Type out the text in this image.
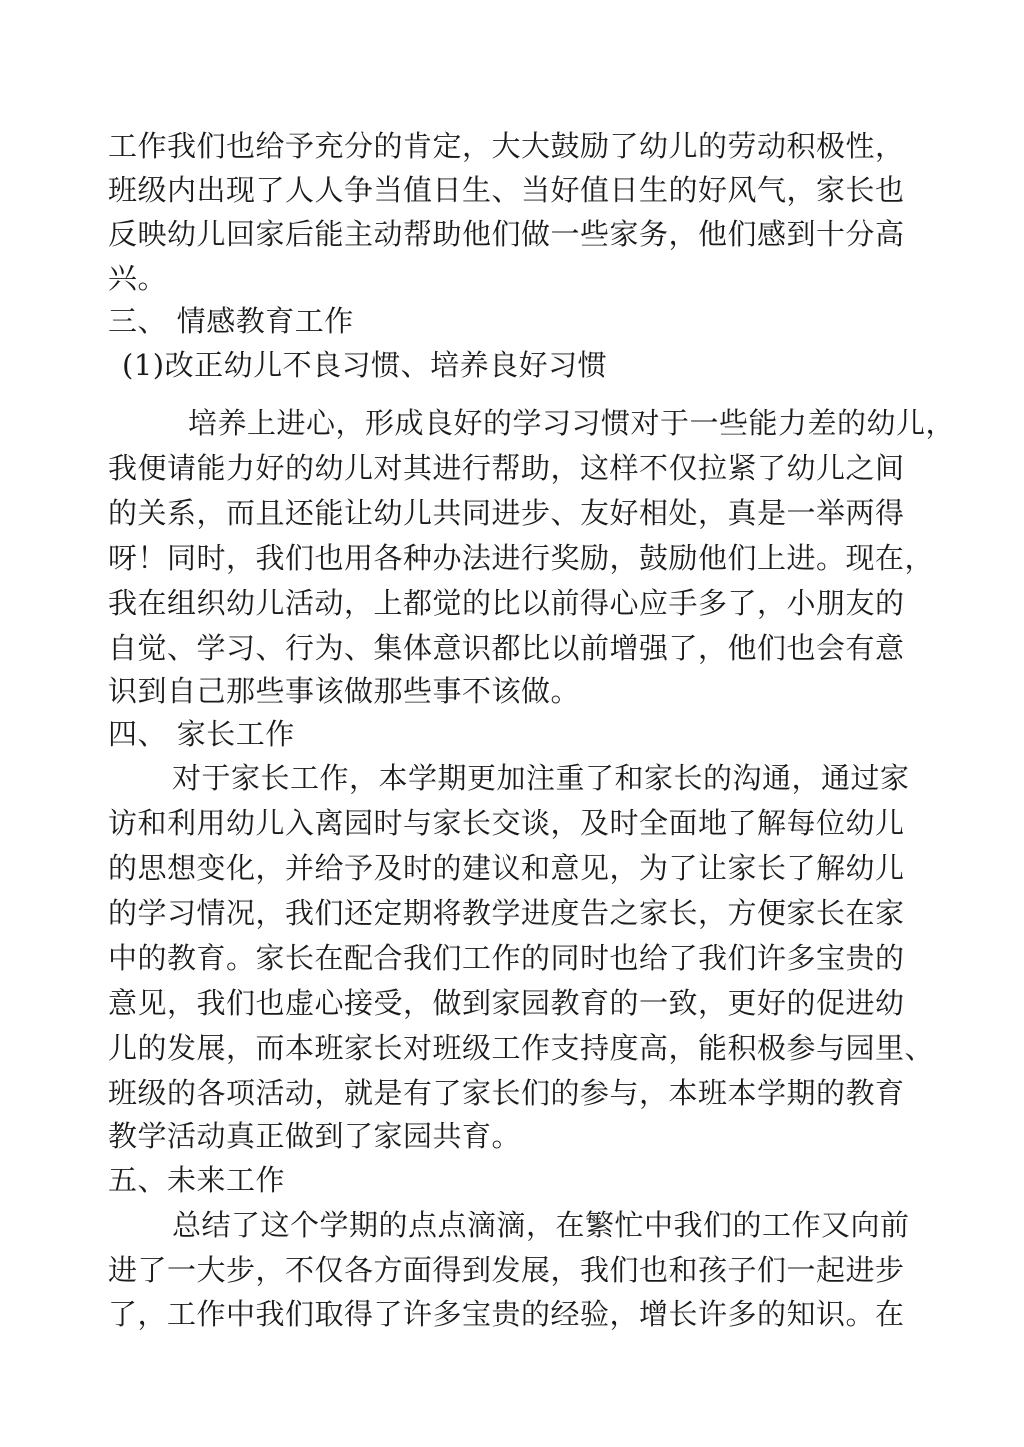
工作我们也给予充分的肯定，大大鼓励了幼儿的劳动积极性，
班级内出现了人人争当值日生、当好值日生的好风气，家长也
反映幼儿回家后能主动帮助他们做一些家务，他们感到十分高
兴。
三、 情感教育工作
(1)改正幼儿不良习惯、培养良好习惯
培养上进心，形成良好的学习习惯对于一些能力差的幼儿，
我便请能力好的幼儿对其进行帮助，这样不仅拉紧了幼儿之间
的关系，而且还能让幼儿共同进步、友好相处，真是一举两得
呀！同时，我们也用各种办法进行奖励，鼓励他们上进。现在，
我在组织幼儿活动，上都觉的比以前得心应手多了，小朋友的
自觉、学习、行为、集体意识都比以前增强了，他们也会有意
识到自己那些事该做那些事不该做。
四、 家长工作
对于家长工作，本学期更加注重了和家长的沟通，通过家
访和利用幼儿入离园时与家长交谈，及时全面地了解每位幼儿
的思想变化，并给予及时的建议和意见，为了让家长了解幼儿
的学习情况，我们还定期将教学进度告之家长，方便家长在家
中的教育。家长在配合我们工作的同时也给了我们许多宝贵的
意见，我们也虚心接受，做到家园教育的一致，更好的促进幼
儿的发展，而本班家长对班级工作支持度高，能积极参与园里、
班级的各项活动，就是有了家长们的参与，本班本学期的教育
教学活动真正做到了家园共育。
五、未来工作
总结了这个学期的点点滴滴，在繁忙中我们的工作又向前
进了一大步，不仅各方面得到发展，我们也和孩子们一起进步
了，工作中我们取得了许多宝贵的经验，增长许多的知识。在
